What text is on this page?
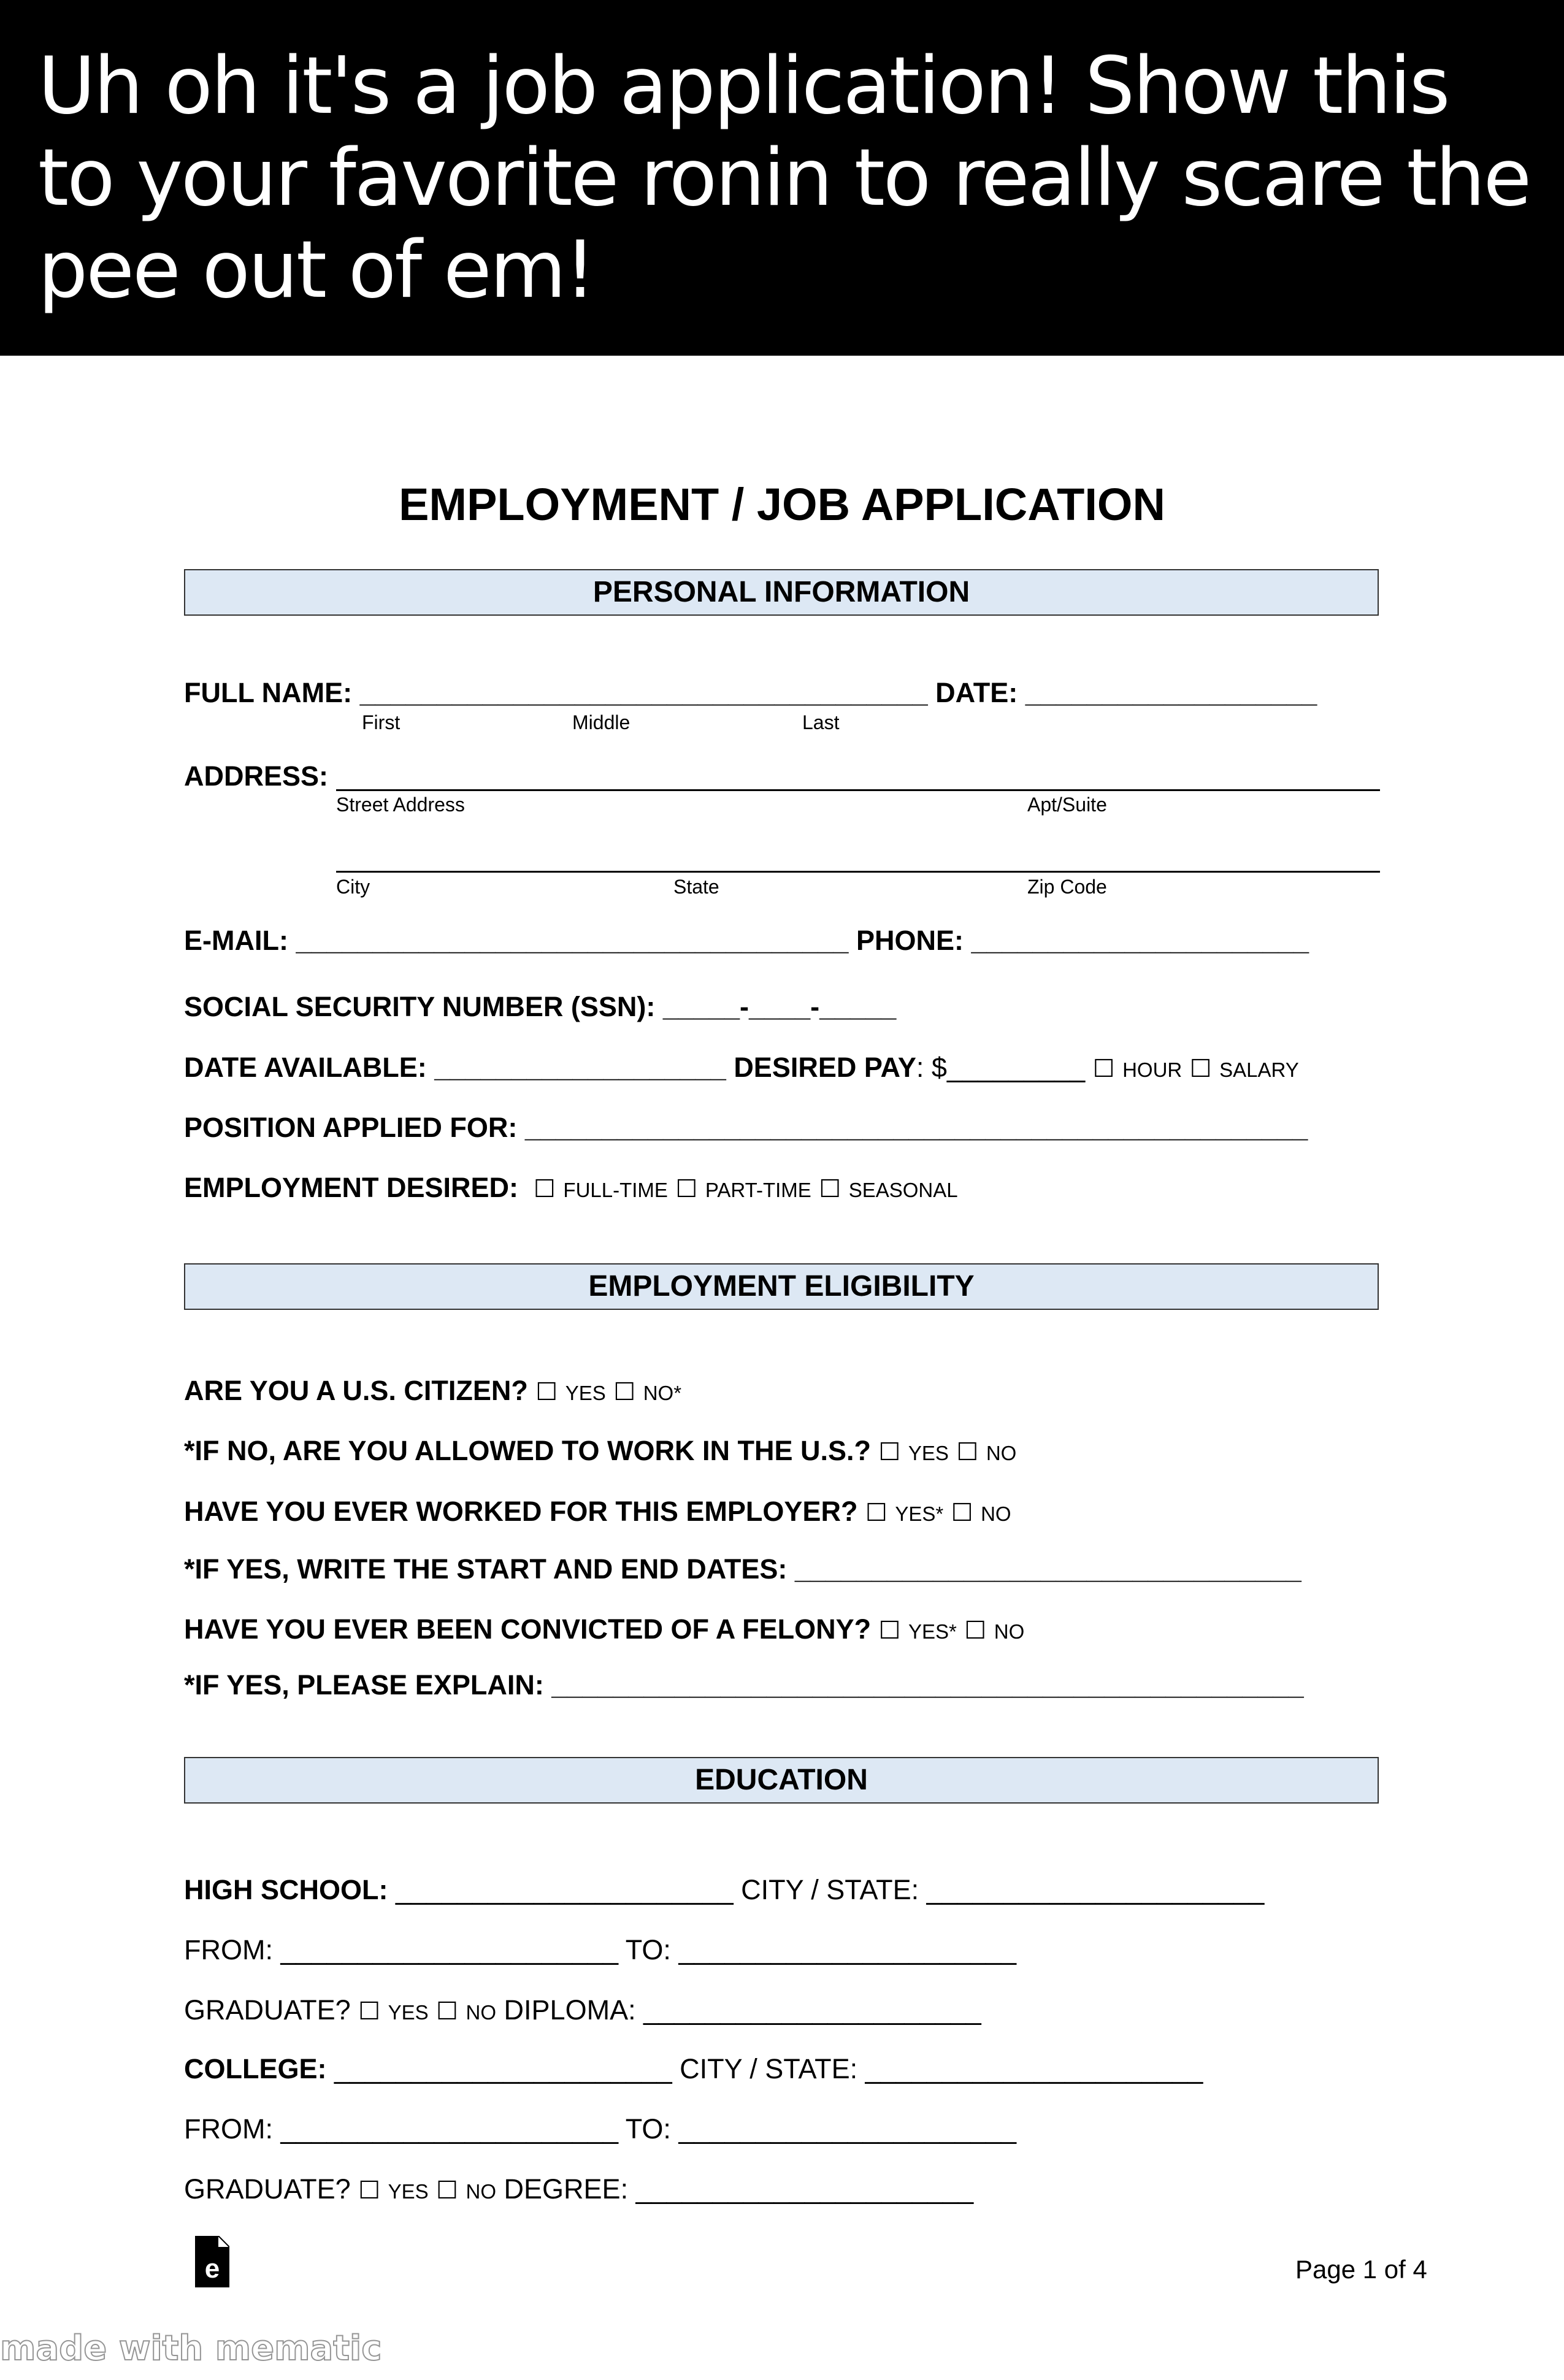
Uh oh it's a job application! Show this to your favorite ronin to really scare the pee out of em!
EMPLOYMENT / JOB APPLICATION
PERSONAL INFORMATION
FULL NAME: _____________________________________ DATE: ___________________
First	Middle	Last
ADDRESS:
Street Address	Apt/Suite
City	State	Zip Code
E-MAIL: ____________________________________ PHONE: ______________________
SOCIAL SECURITY NUMBER (SSN): _____-____-_____
DATE AVAILABLE: ___________________ DESIRED PAY: $_________ ☐ HOUR ☐ SALARY
POSITION APPLIED FOR: ___________________________________________________
EMPLOYMENT DESIRED:  ☐ FULL-TIME ☐ PART-TIME ☐ SEASONAL
EMPLOYMENT ELIGIBILITY
ARE YOU A U.S. CITIZEN? ☐ YES ☐ NO*
*IF NO, ARE YOU ALLOWED TO WORK IN THE U.S.? ☐ YES ☐ NO
HAVE YOU EVER WORKED FOR THIS EMPLOYER? ☐ YES* ☐ NO
*IF YES, WRITE THE START AND END DATES: _________________________________
HAVE YOU EVER BEEN CONVICTED OF A FELONY? ☐ YES* ☐ NO
*IF YES, PLEASE EXPLAIN: _________________________________________________
EDUCATION
HIGH SCHOOL: ______________________ CITY / STATE: ______________________
FROM: ______________________ TO: ______________________
GRADUATE? ☐ YES ☐ NO DIPLOMA: ______________________
COLLEGE: ______________________ CITY / STATE: ______________________
FROM: ______________________ TO: ______________________
GRADUATE? ☐ YES ☐ NO DEGREE: ______________________
e	Page 1 of 4
made with mematic
